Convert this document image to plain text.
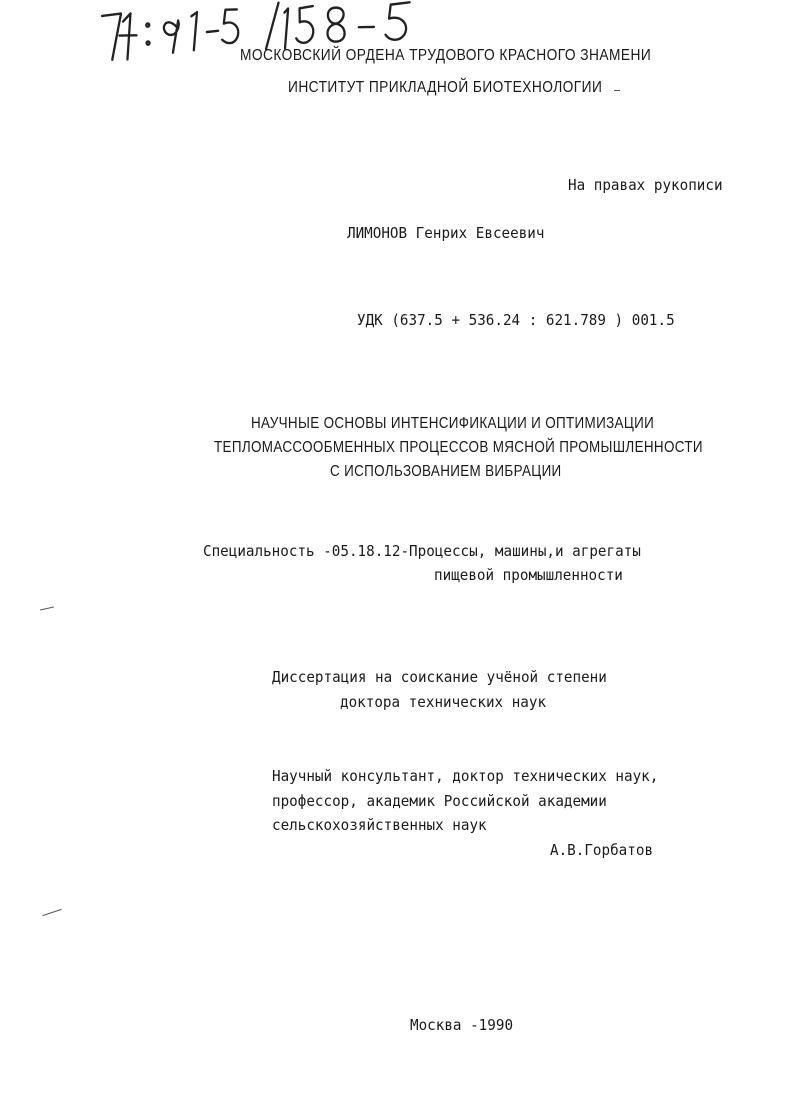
МОСКОВСКИЙ ОРДЕНА ТРУДОВОГО КРАСНОГО ЗНАМЕНИ
ИНСТИТУТ ПРИКЛАДНОЙ БИОТЕХНОЛОГИИ
На правах рукописи
ЛИМОНОВ Генрих Евсеевич
УДК (637.5 + 536.24 : 621.789 ) 001.5
НАУЧНЫЕ ОСНОВЫ ИНТЕНСИФИКАЦИИ И ОПТИМИЗАЦИИ
ТЕПЛОМАССООБМЕННЫХ ПРОЦЕССОВ МЯСНОЙ ПРОМЫШЛЕННОСТИ
С ИСПОЛЬЗОВАНИЕМ ВИБРАЦИИ
Специальность -05.18.12-Процессы, машины,и агрегаты
пищевой промышленности
Диссертация на соискание учёной степени
доктора технических наук
Научный консультант, доктор технических наук,
профессор, академик Российской академии
сельскохозяйственных наук
А.В.Горбатов
Москва -1990
